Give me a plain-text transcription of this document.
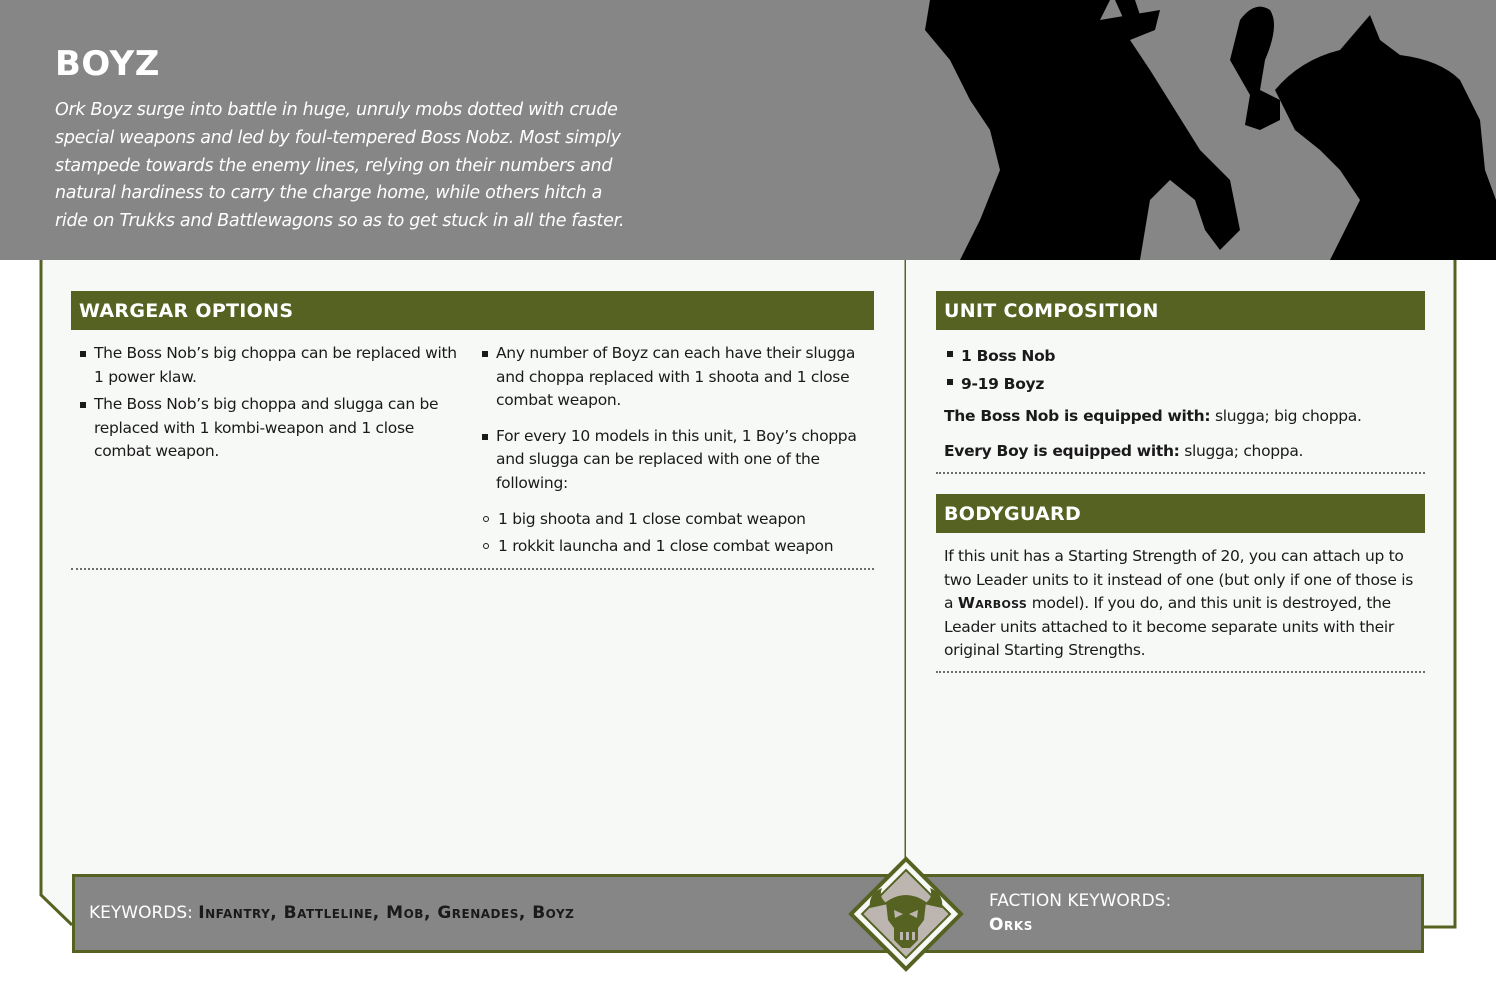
BOYZ

Ork Boyz surge into battle in huge, unruly mobs dotted with crude special weapons and led by foul-tempered Boss Nobz. Most simply stampede towards the enemy lines, relying on their numbers and natural hardiness to carry the charge home, while others hitch a ride on Trukks and Battlewagons so as to get stuck in all the faster.

WARGEAR OPTIONS
The Boss Nob’s big choppa can be replaced with 1 power klaw.
The Boss Nob’s big choppa and slugga can be replaced with 1 kombi-weapon and 1 close combat weapon.
Any number of Boyz can each have their slugga and choppa replaced with 1 shoota and 1 close combat weapon.
For every 10 models in this unit, 1 Boy’s choppa and slugga can be replaced with one of the following:
1 big shoota and 1 close combat weapon
1 rokkit launcha and 1 close combat weapon
UNIT COMPOSITION
1 Boss Nob
9-19 Boyz

The Boss Nob is equipped with: slugga; big choppa.

Every Boy is equipped with: slugga; choppa.

BODYGUARD

If this unit has a Starting Strength of 20, you can attach up to two Leader units to it instead of one (but only if one of those is a Warboss model). If you do, and this unit is destroyed, the Leader units attached to it become separate units with their original Starting Strengths.

KEYWORDS: Infantry, Battleline, Mob, Grenades, Boyz
FACTION KEYWORDS:
Orks
